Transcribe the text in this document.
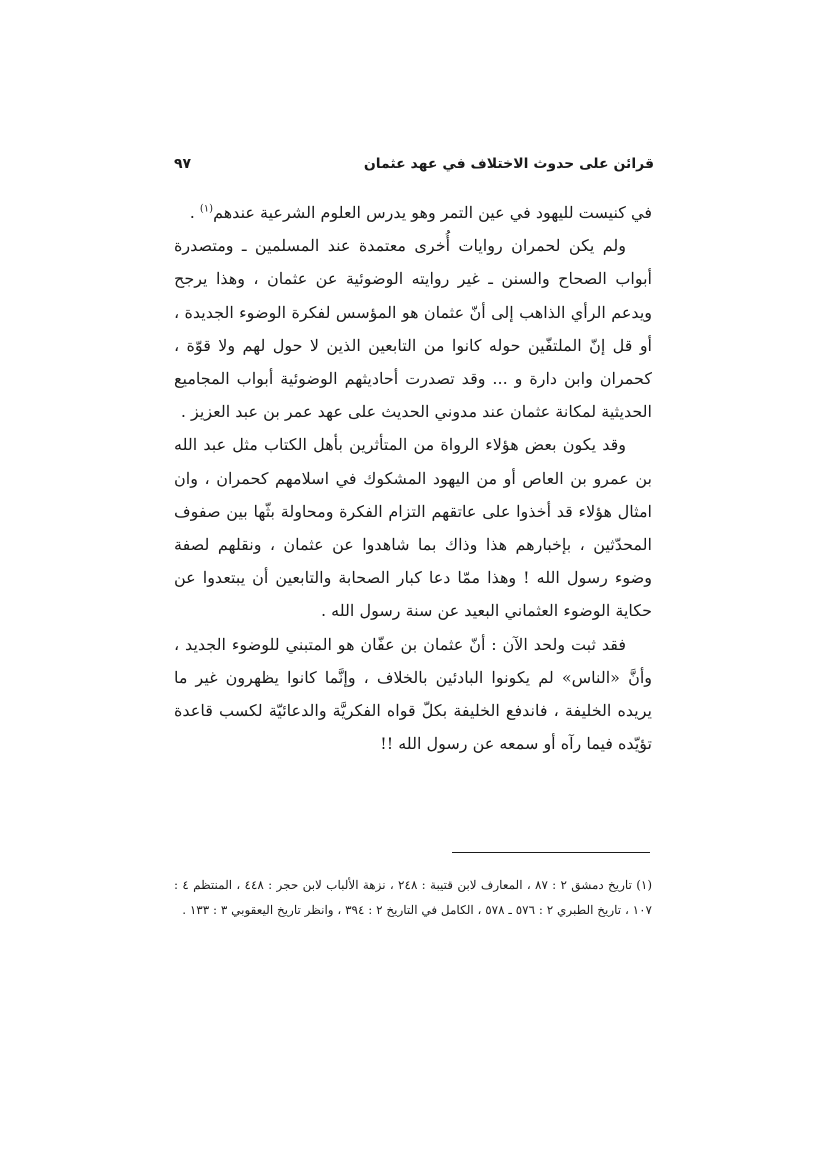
قرائن على حدوث الاختلاف في عهد عثمان
٩٧

في كنيست لليهود في عين التمر وهو يدرس العلوم الشرعية عندهم$^{(١)}$ .

ولم يكن لحمران روايات أُخرى معتمدة عند المسلمين ـ ومتصدرة أبواب الصحاح والسنن ـ غير روايته الوضوئية عن عثمان ، وهذا يرجح ويدعم الرأي الذاهب إلى أنّ عثمان هو المؤسس لفكرة الوضوء الجديدة ، أو قل إنّ الملتفّين حوله كانوا من التابعين الذين لا حول لهم ولا قوّة ، كحمران وابن دارة و ... وقد تصدرت أحاديثهم الوضوئية أبواب المجاميع الحديثية لمكانة عثمان عند مدوني الحديث على عهد عمر بن عبد العزيز .

وقد يكون بعض هؤلاء الرواة من المتأثرين بأهل الكتاب مثل عبد الله بن عمرو بن العاص أو من اليهود المشكوك في اسلامهم كحمران ، وان امثال هؤلاء قد أخذوا على عاتقهم التزام الفكرة ومحاولة بثّها بين صفوف المحدّثين ، بإخبارهم هذا وذاك بما شاهدوا عن عثمان ، ونقلهم لصفة وضوء رسول الله ! وهذا ممّا دعا كبار الصحابة والتابعين أن يبتعدوا عن حكاية الوضوء العثماني البعيد عن سنة رسول الله .

فقد ثبت ولحد الآن : أنّ عثمان بن عفّان هو المتبني للوضوء الجديد ، وأنَّ «الناس» لم يكونوا البادئين بالخلاف ، وإنَّما كانوا يظهرون غير ما يريده الخليفة ، فاندفع الخليفة بكلّ قواه الفكريَّة والدعائيّة لكسب قاعدة تؤيّده فيما رآه أو سمعه عن رسول الله !!

(١) تاريخ دمشق ٢ : ٨٧ ، المعارف لابن قتيبة : ٢٤٨ ، نزهة الألباب لابن حجر : ٤٤٨ ، المنتظم ٤ : ١٠٧ ، تاريخ الطبري ٢ : ٥٧٦ ـ ٥٧٨ ، الكامل في التاريخ ٢ : ٣٩٤ ، وانظر تاريخ اليعقوبي ٣ : ١٣٣ .
